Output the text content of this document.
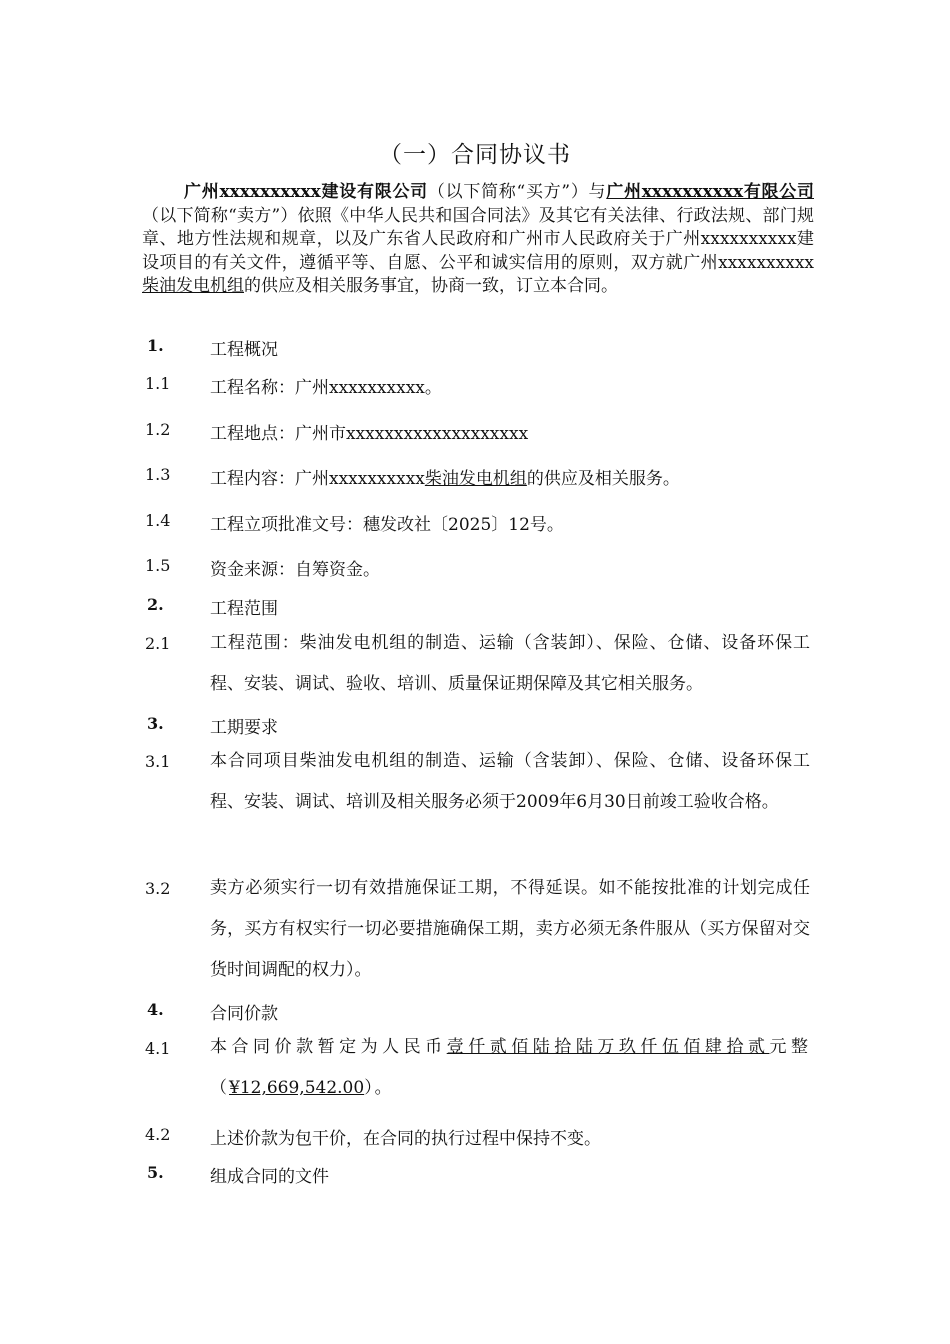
（一）合同协议书
广州xxxxxxxxxx建设有限公司（以下简称“买方”）与广州xxxxxxxxxx有限公司（以下简称“卖方”）依照《中华人民共和国合同法》及其它有关法律、行政法规、部门规章、地方性法规和规章，以及广东省人民政府和广州市人民政府关于广州xxxxxxxxxx建设项目的有关文件，遵循平等、自愿、公平和诚实信用的原则，双方就广州xxxxxxxxxx柴油发电机组的供应及相关服务事宜，协商一致，订立本合同。
1.	工程概况
1.1 工程名称：广州xxxxxxxxxx。
1.2 工程地点：广州市xxxxxxxxxxxxxxxxxxx
1.3 工程内容：广州xxxxxxxxxx柴油发电机组的供应及相关服务。
1.4 工程立项批准文号：穗发改社〔2025〕12号。
1.5 资金来源：自筹资金。
2.	工程范围
2.1 工程范围：柴油发电机组的制造、运输（含装卸）、保险、仓储、设备环保工程、安装、调试、验收、培训、质量保证期保障及其它相关服务。
3.	工期要求
3.1 本合同项目柴油发电机组的制造、运输（含装卸）、保险、仓储、设备环保工程、安装、调试、培训及相关服务必须于2009年6月30日前竣工验收合格。
3.2 卖方必须实行一切有效措施保证工期，不得延误。如不能按批准的计划完成任务，买方有权实行一切必要措施确保工期，卖方必须无条件服从（买方保留对交货时间调配的权力）。
4.	合同价款
4.1 本合同价款暂定为人民币壹仟贰佰陆拾陆万玖仟伍佰肆拾贰元整（¥12,669,542.00）。
4.2 上述价款为包干价，在合同的执行过程中保持不变。
5.	组成合同的文件
